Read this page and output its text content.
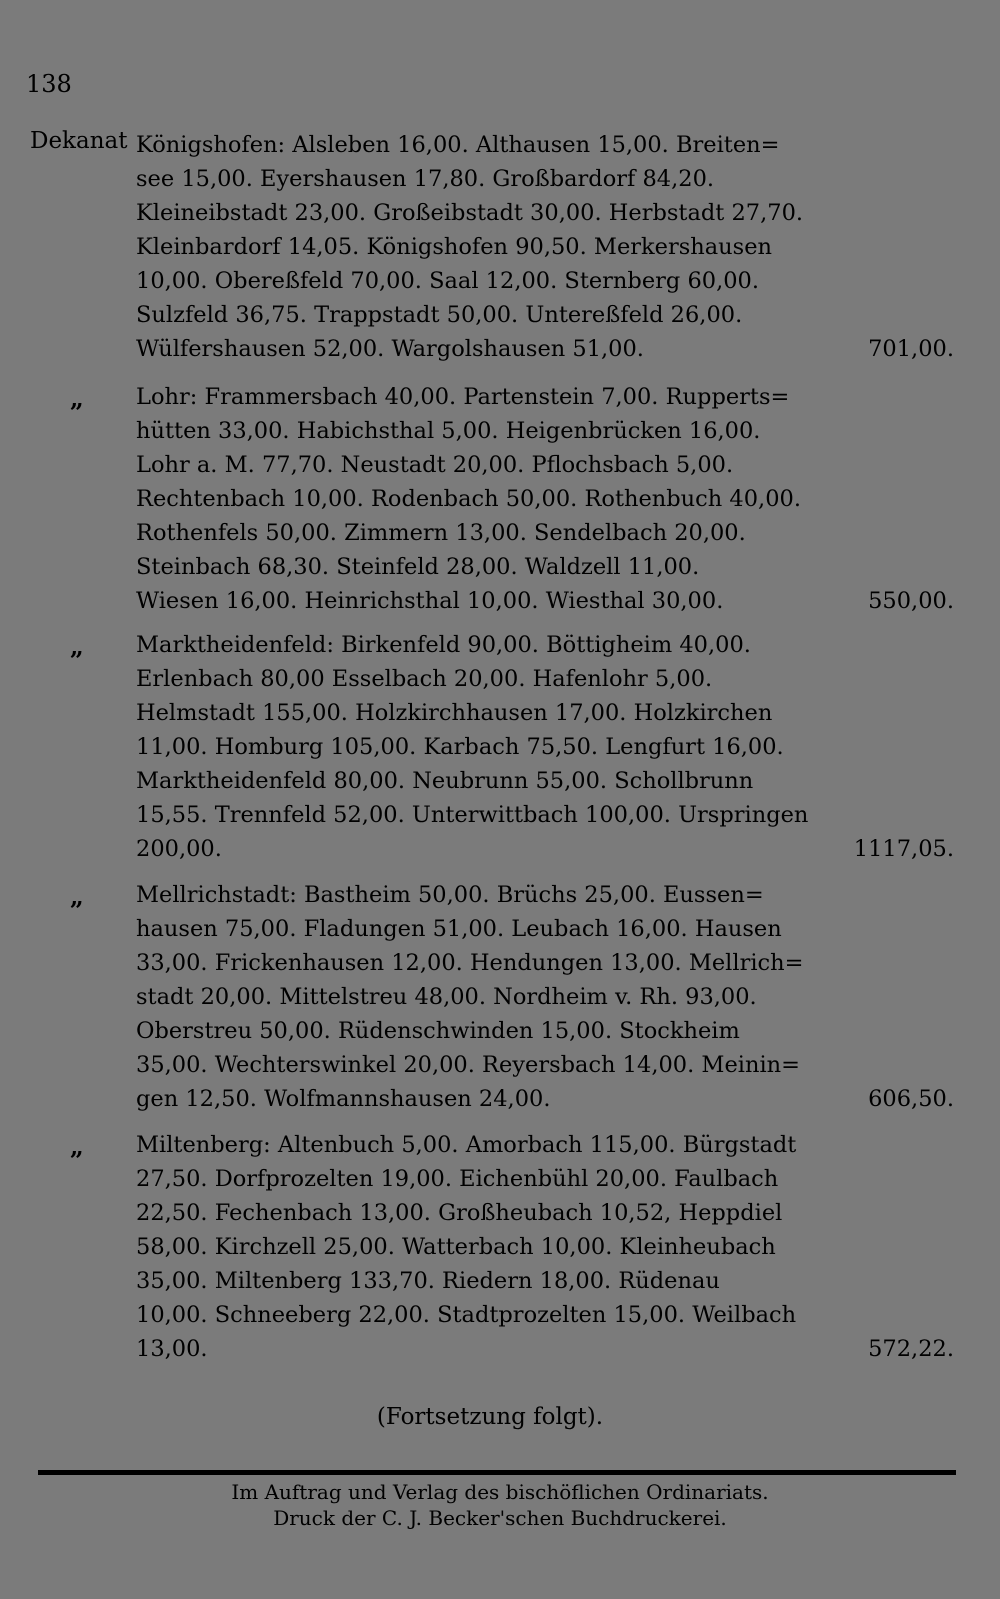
138
Dekanat Königshofen: Alsleben 16,00. Althausen 15,00. Breiten=
see 15,00. Eyershausen 17,80. Großbardorf 84,20.
Kleineibstadt 23,00. Großeibstadt 30,00. Herbstadt 27,70.
Kleinbardorf 14,05. Königshofen 90,50. Merkershausen
10,00. Obereßfeld 70,00. Saal 12,00. Sternberg 60,00.
Sulzfeld 36,75. Trappstadt 50,00. Untereßfeld 26,00.
Wülfershausen 52,00. Wargolshausen 51,00.	701,00.
„ Lohr: Frammersbach 40,00. Partenstein 7,00. Rupperts=
hütten 33,00. Habichsthal 5,00. Heigenbrücken 16,00.
Lohr a. M. 77,70. Neustadt 20,00. Pflochsbach 5,00.
Rechtenbach 10,00. Rodenbach 50,00. Rothenbuch 40,00.
Rothenfels 50,00. Zimmern 13,00. Sendelbach 20,00.
Steinbach 68,30. Steinfeld 28,00. Waldzell 11,00.
Wiesen 16,00. Heinrichsthal 10,00. Wiesthal 30,00.	550,00.
„ Marktheidenfeld: Birkenfeld 90,00. Böttigheim 40,00.
Erlenbach 80,00 Esselbach 20,00. Hafenlohr 5,00.
Helmstadt 155,00. Holzkirchhausen 17,00. Holzkirchen
11,00. Homburg 105,00. Karbach 75,50. Lengfurt 16,00.
Marktheidenfeld 80,00. Neubrunn 55,00. Schollbrunn
15,55. Trennfeld 52,00. Unterwittbach 100,00. Urspringen
200,00.	1117,05.
„ Mellrichstadt: Bastheim 50,00. Brüchs 25,00. Eussen=
hausen 75,00. Fladungen 51,00. Leubach 16,00. Hausen
33,00. Frickenhausen 12,00. Hendungen 13,00. Mellrich=
stadt 20,00. Mittelstreu 48,00. Nordheim v. Rh. 93,00.
Oberstreu 50,00. Rüdenschwinden 15,00. Stockheim
35,00. Wechterswinkel 20,00. Reyersbach 14,00. Meinin=
gen 12,50. Wolfmannshausen 24,00.	606,50.
„ Miltenberg: Altenbuch 5,00. Amorbach 115,00. Bürgstadt
27,50. Dorfprozelten 19,00. Eichenbühl 20,00. Faulbach
22,50. Fechenbach 13,00. Großheubach 10,52, Heppdiel
58,00. Kirchzell 25,00. Watterbach 10,00. Kleinheubach
35,00. Miltenberg 133,70. Riedern 18,00. Rüdenau
10,00. Schneeberg 22,00. Stadtprozelten 15,00. Weilbach
13,00.	572,22.
(Fortsetzung folgt).
Im Auftrag und Verlag des bischöflichen Ordinariats.
Druck der C. J. Becker'schen Buchdruckerei.
